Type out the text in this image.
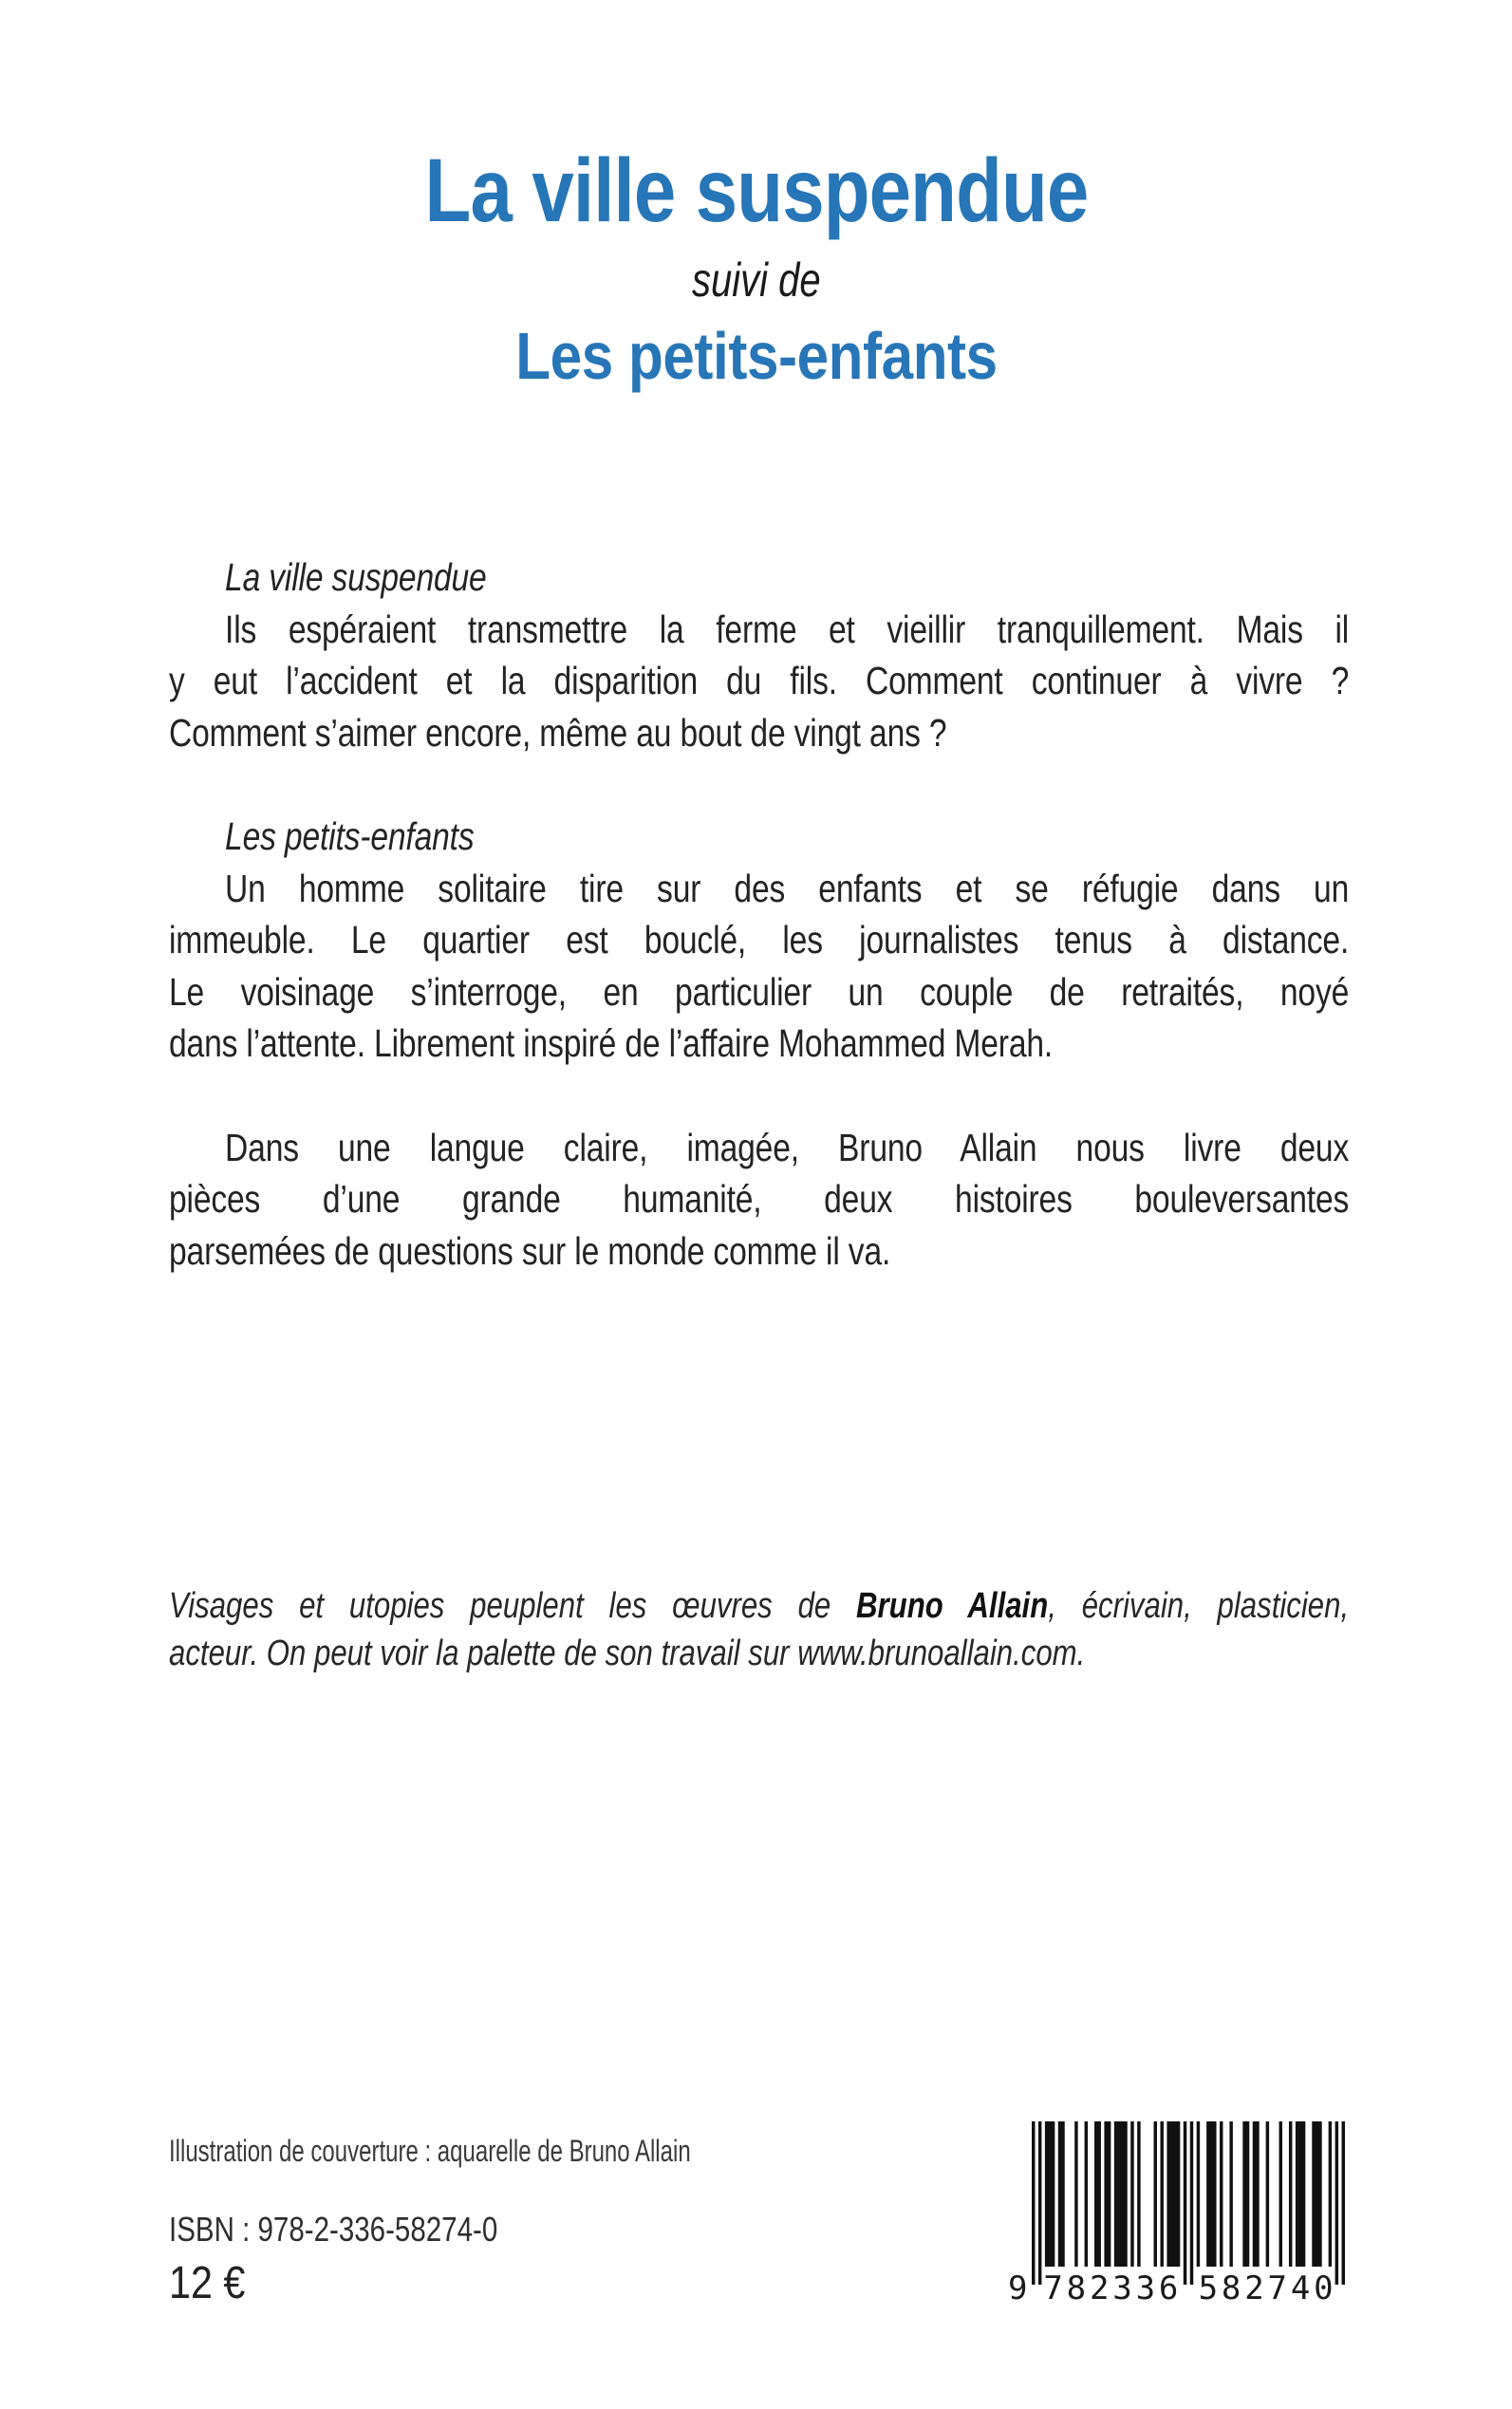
La ville suspendue
suivi de
Les petits-enfants
La ville suspendue
Ils espéraient transmettre la ferme et vieillir tranquillement. Mais il
y eut l’accident et la disparition du fils. Comment continuer à vivre ?
Comment s’aimer encore, même au bout de vingt ans ?
Les petits-enfants
Un homme solitaire tire sur des enfants et se réfugie dans un
immeuble. Le quartier est bouclé, les journalistes tenus à distance.
Le voisinage s’interroge, en particulier un couple de retraités, noyé
dans l’attente. Librement inspiré de l’affaire Mohammed Merah.
Dans une langue claire, imagée, Bruno Allain nous livre deux
pièces d’une grande humanité, deux histoires bouleversantes
parsemées de questions sur le monde comme il va.
Visages et utopies peuplent les œuvres de Bruno Allain, écrivain, plasticien,
acteur. On peut voir la palette de son travail sur www.brunoallain.com.
Illustration de couverture : aquarelle de Bruno Allain
ISBN : 978-2-336-58274-0
12 €	9 7 8 2 3 3 6 5 8 2 7 4 0
